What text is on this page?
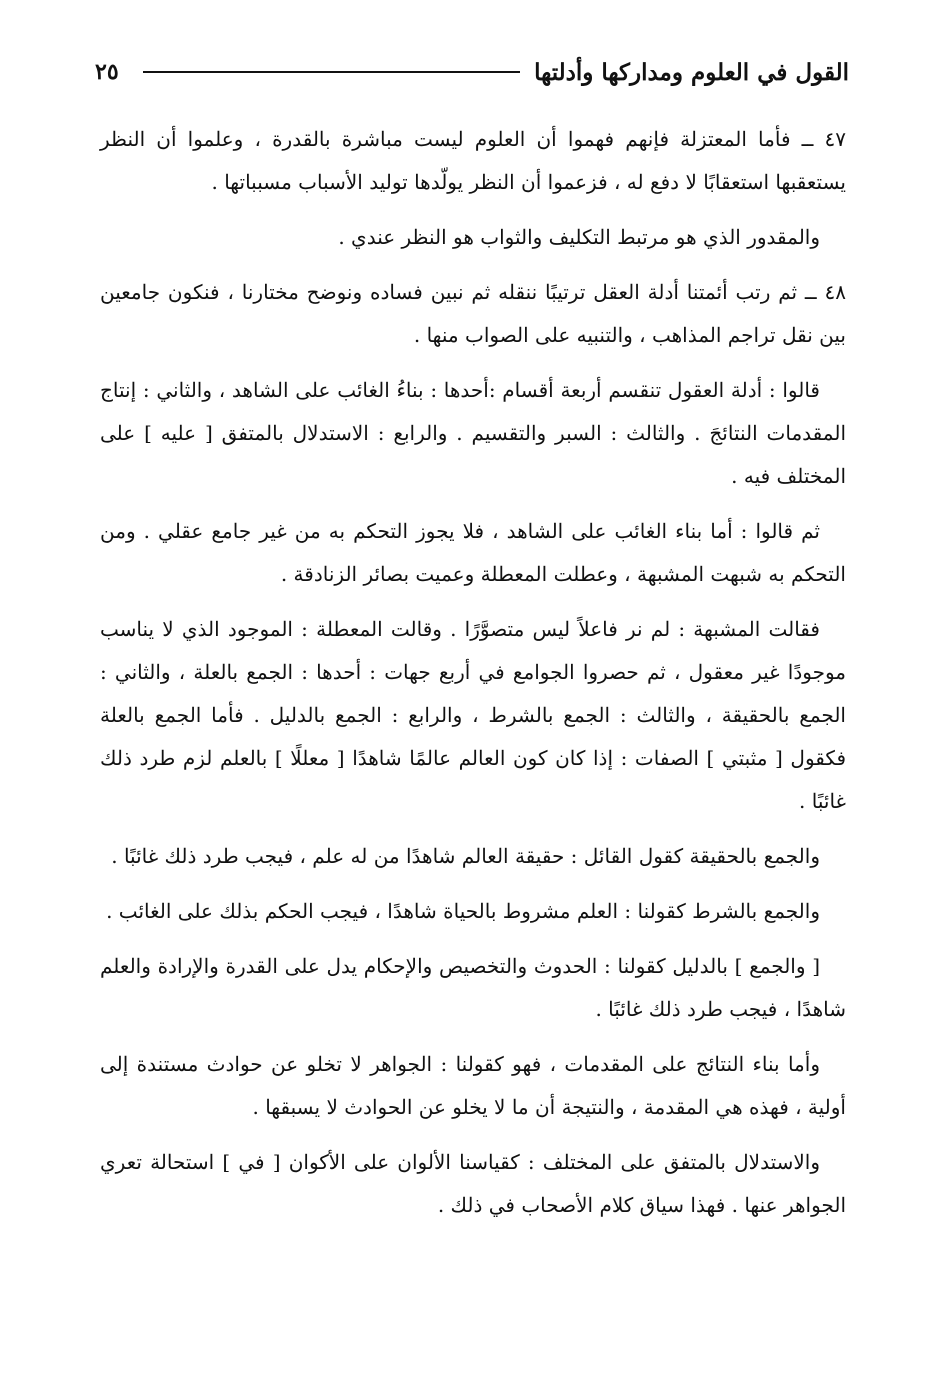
القول في العلوم ومداركها وأدلتها
٢٥

٤٧ ــ فأما المعتزلة فإنهم فهموا أن العلوم ليست مباشرة بالقدرة ، وعلموا أن النظر يستعقبها استعقابًا لا دفع له ، فزعموا أن النظر يولّدها توليد الأسباب مسبباتها .

والمقدور الذي هو مرتبط التكليف والثواب هو النظر عندي .

٤٨ ــ ثم رتب أئمتنا أدلة العقل ترتيبًا ننقله ثم نبين فساده ونوضح مختارنا ، فنكون جامعين بين نقل تراجم المذاهب ، والتنبيه على الصواب منها .

قالوا : أدلة العقول تنقسم أربعة أقسام :أحدها : بناءُ الغائب على الشاهد ، والثاني : إنتاج المقدمات النتائجَ . والثالث : السبر والتقسيم . والرابع : الاستدلال بالمتفق [ عليه ] على المختلف فيه .

ثم قالوا : أما بناء الغائب على الشاهد ، فلا يجوز التحكم به من غير جامع عقلي . ومن التحكم به شبهت المشبهة ، وعطلت المعطلة وعميت بصائر الزنادقة .

فقالت المشبهة : لم نر فاعلاً ليس متصوَّرًا . وقالت المعطلة : الموجود الذي لا يناسب موجودًا غير معقول ، ثم حصروا الجوامع في أربع جهات : أحدها : الجمع بالعلة ، والثاني : الجمع بالحقيقة ، والثالث : الجمع بالشرط ، والرابع : الجمع بالدليل . فأما الجمع بالعلة فكقول [ مثبتي ] الصفات : إذا كان كون العالم عالمًا شاهدًا [ معللًا ] بالعلم لزم طرد ذلك غائبًا .

والجمع بالحقيقة كقول القائل : حقيقة العالم شاهدًا من له علم ، فيجب طرد ذلك غائبًا .

والجمع بالشرط كقولنا : العلم مشروط بالحياة شاهدًا ، فيجب الحكم بذلك على الغائب .

[ والجمع ] بالدليل كقولنا : الحدوث والتخصيص والإحكام يدل على القدرة والإرادة والعلم شاهدًا ، فيجب طرد ذلك غائبًا .

وأما بناء النتائج على المقدمات ، فهو كقولنا : الجواهر لا تخلو عن حوادث مستندة إلى أولية ، فهذه هي المقدمة ، والنتيجة أن ما لا يخلو عن الحوادث لا يسبقها .

والاستدلال بالمتفق على المختلف : كقياسنا الألوان على الأكوان [ في ] استحالة تعري الجواهر عنها . فهذا سياق كلام الأصحاب في ذلك .
